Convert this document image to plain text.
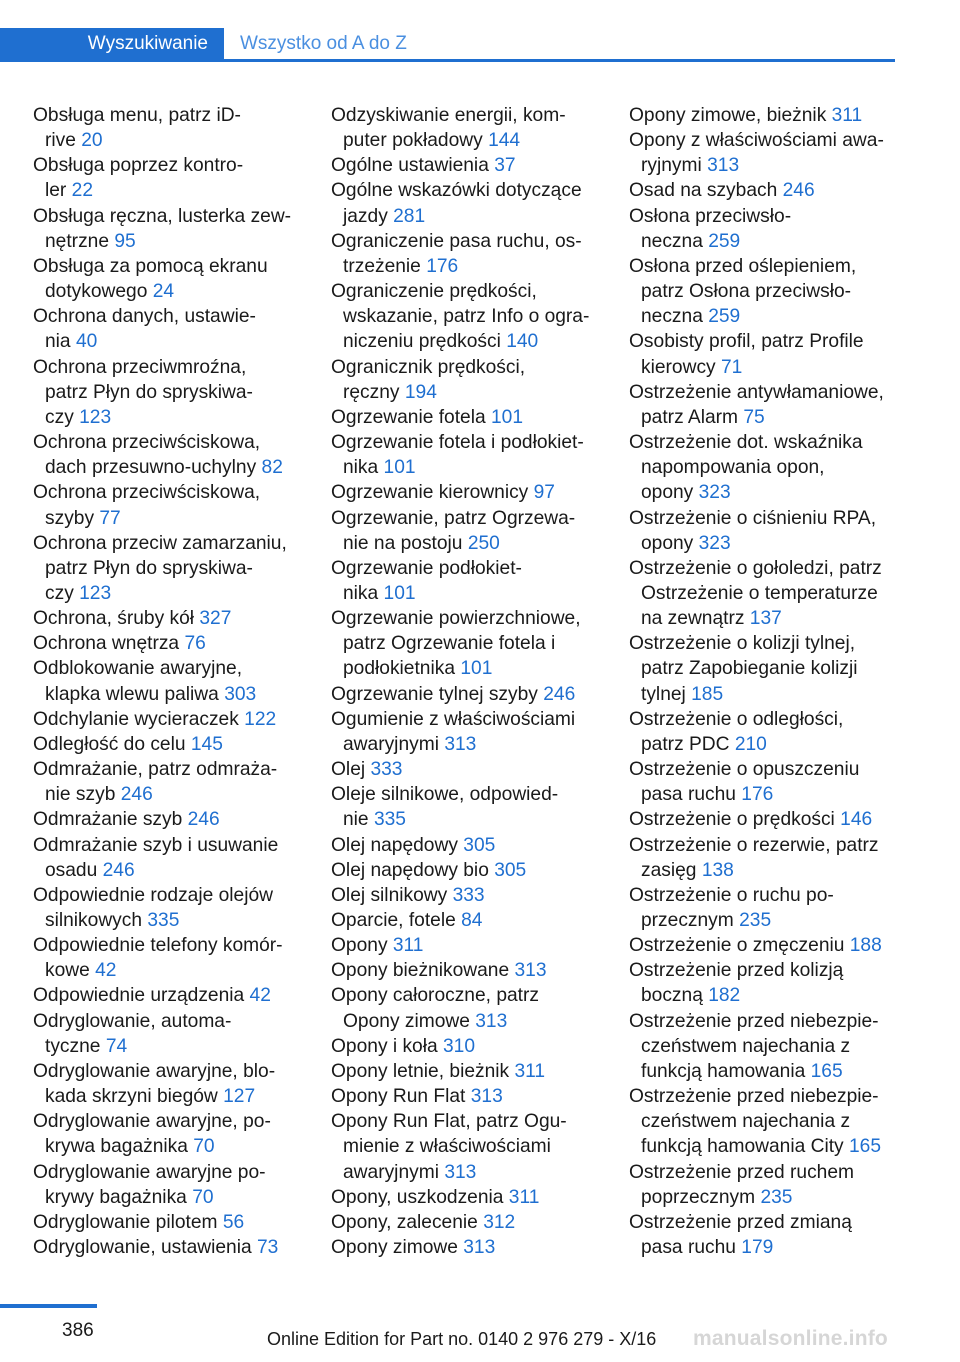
Wyszukiwanie	Wszystko od A do Z

Obsługa menu, patrz iD-
rive 20

Obsługa poprzez kontro-
ler 22

Obsługa ręczna, lusterka zew-
nętrzne 95

Obsługa za pomocą ekranu
dotykowego 24

Ochrona danych, ustawie-
nia 40

Ochrona przeciwmroźna,
patrz Płyn do spryskiwa-
czy 123

Ochrona przeciwściskowa,
dach przesuwno-uchylny 82

Ochrona przeciwściskowa,
szyby 77

Ochrona przeciw zamarzaniu,
patrz Płyn do spryskiwa-
czy 123

Ochrona, śruby kół 327

Ochrona wnętrza 76

Odblokowanie awaryjne,
klapka wlewu paliwa 303

Odchylanie wycieraczek 122

Odległość do celu 145

Odmrażanie, patrz odmraża-
nie szyb 246

Odmrażanie szyb 246

Odmrażanie szyb i usuwanie
osadu 246

Odpowiednie rodzaje olejów
silnikowych 335

Odpowiednie telefony komór-
kowe 42

Odpowiednie urządzenia 42

Odryglowanie, automa-
tyczne 74

Odryglowanie awaryjne, blo-
kada skrzyni biegów 127

Odryglowanie awaryjne, po-
krywa bagażnika 70

Odryglowanie awaryjne po-
krywy bagażnika 70

Odryglowanie pilotem 56

Odryglowanie, ustawienia 73

Odzyskiwanie energii, kom-
puter pokładowy 144

Ogólne ustawienia 37

Ogólne wskazówki dotyczące
jazdy 281

Ograniczenie pasa ruchu, os-
trzeżenie 176

Ograniczenie prędkości,
wskazanie, patrz Info o ogra-
niczeniu prędkości 140

Ogranicznik prędkości,
ręczny 194

Ogrzewanie fotela 101

Ogrzewanie fotela i podłokiet-
nika 101

Ogrzewanie kierownicy 97

Ogrzewanie, patrz Ogrzewa-
nie na postoju 250

Ogrzewanie podłokiet-
nika 101

Ogrzewanie powierzchniowe,
patrz Ogrzewanie fotela i
podłokietnika 101

Ogrzewanie tylnej szyby 246

Ogumienie z właściwościami
awaryjnymi 313

Olej 333

Oleje silnikowe, odpowied-
nie 335

Olej napędowy 305

Olej napędowy bio 305

Olej silnikowy 333

Oparcie, fotele 84

Opony 311

Opony bieżnikowane 313

Opony całoroczne, patrz
Opony zimowe 313

Opony i koła 310

Opony letnie, bieżnik 311

Opony Run Flat 313

Opony Run Flat, patrz Ogu-
mienie z właściwościami
awaryjnymi 313

Opony, uszkodzenia 311

Opony, zalecenie 312

Opony zimowe 313

Opony zimowe, bieżnik 311

Opony z właściwościami awa-
ryjnymi 313

Osad na szybach 246

Osłona przeciwsło-
neczna 259

Osłona przed oślepieniem,
patrz Osłona przeciwsło-
neczna 259

Osobisty profil, patrz Profile
kierowcy 71

Ostrzeżenie antywłamaniowe,
patrz Alarm 75

Ostrzeżenie dot. wskaźnika
napompowania opon,
opony 323

Ostrzeżenie o ciśnieniu RPA,
opony 323

Ostrzeżenie o gołoledzi, patrz
Ostrzeżenie o temperaturze
na zewnątrz 137

Ostrzeżenie o kolizji tylnej,
patrz Zapobieganie kolizji
tylnej 185

Ostrzeżenie o odległości,
patrz PDC 210

Ostrzeżenie o opuszczeniu
pasa ruchu 176

Ostrzeżenie o prędkości 146

Ostrzeżenie o rezerwie, patrz
zasięg 138

Ostrzeżenie o ruchu po-
przecznym 235

Ostrzeżenie o zmęczeniu 188

Ostrzeżenie przed kolizją
boczną 182

Ostrzeżenie przed niebezpie-
czeństwem najechania z
funkcją hamowania 165

Ostrzeżenie przed niebezpie-
czeństwem najechania z
funkcją hamowania City 165

Ostrzeżenie przed ruchem
poprzecznym 235

Ostrzeżenie przed zmianą
pasa ruchu 179

386	Online Edition for Part no. 0140 2 976 279 - X/16 manualsonline.info
